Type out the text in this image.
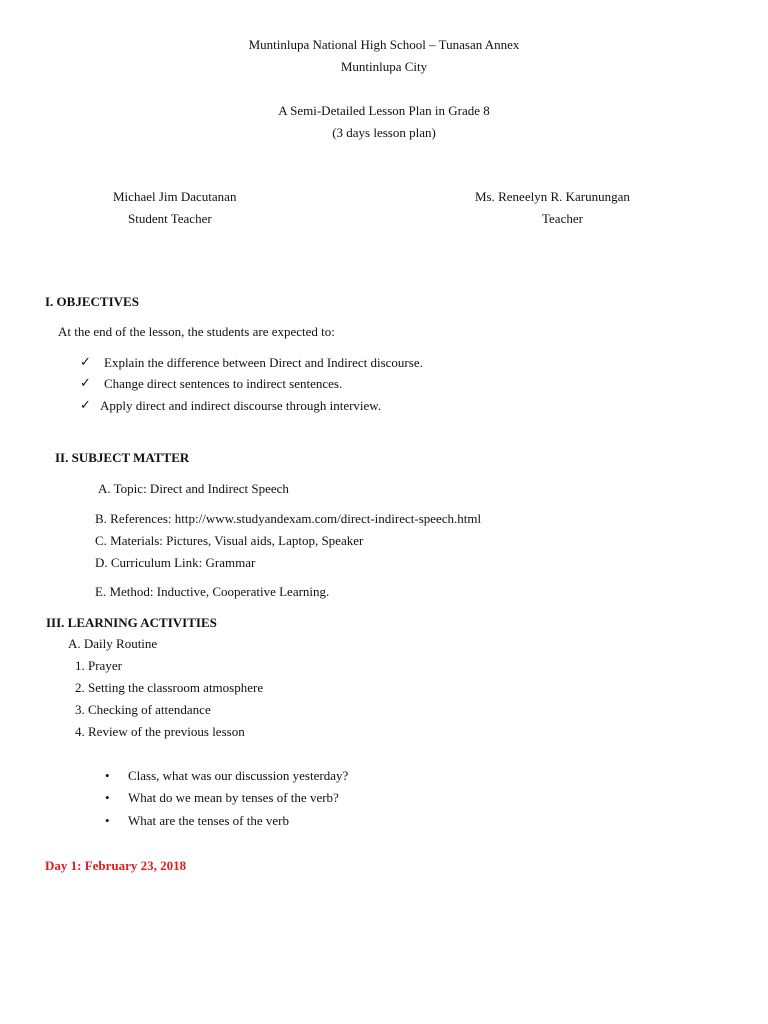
Muntinlupa National High School – Tunasan Annex
Muntinlupa City
A Semi-Detailed Lesson Plan in Grade 8
(3 days lesson plan)
Michael Jim Dacutanan
Student Teacher
Ms. Reneelyn R. Karunungan
Teacher
I. OBJECTIVES
At the end of the lesson, the students are expected to:
✓ Explain the difference between Direct and Indirect discourse.
✓ Change direct sentences to indirect sentences.
✓ Apply direct and indirect discourse through interview.
II. SUBJECT MATTER
A. Topic: Direct and Indirect Speech
B. References: http://www.studyandexam.com/direct-indirect-speech.html
C. Materials: Pictures, Visual aids, Laptop, Speaker
D. Curriculum Link: Grammar
E. Method: Inductive, Cooperative Learning.
III. LEARNING ACTIVITIES
A. Daily Routine
1. Prayer
2. Setting the classroom atmosphere
3. Checking of attendance
4. Review of the previous lesson
• Class, what was our discussion yesterday?
• What do we mean by tenses of the verb?
• What are the tenses of the verb
Day 1: February 23, 2018
